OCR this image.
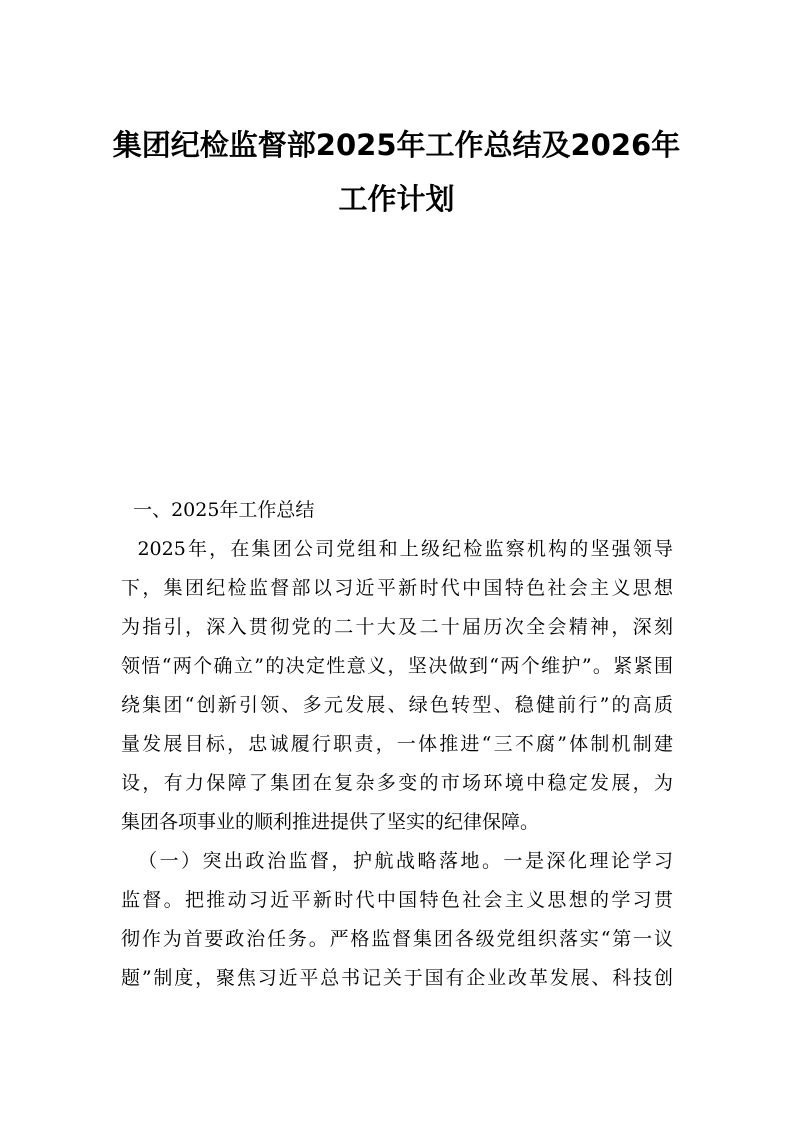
集团纪检监督部2025年工作总结及2026年
工作计划
一、2025年工作总结
2025年，在集团公司党组和上级纪检监察机构的坚强领导
下，集团纪检监督部以习近平新时代中国特色社会主义思想
为指引，深入贯彻党的二十大及二十届历次全会精神，深刻
领悟“两个确立”的决定性意义，坚决做到“两个维护”。紧紧围
绕集团“创新引领、多元发展、绿色转型、稳健前行”的高质
量发展目标，忠诚履行职责，一体推进“三不腐”体制机制建
设，有力保障了集团在复杂多变的市场环境中稳定发展，为
集团各项事业的顺利推进提供了坚实的纪律保障。
（一）突出政治监督，护航战略落地。一是深化理论学习
监督。把推动习近平新时代中国特色社会主义思想的学习贯
彻作为首要政治任务。严格监督集团各级党组织落实“第一议
题”制度，聚焦习近平总书记关于国有企业改革发展、科技创
